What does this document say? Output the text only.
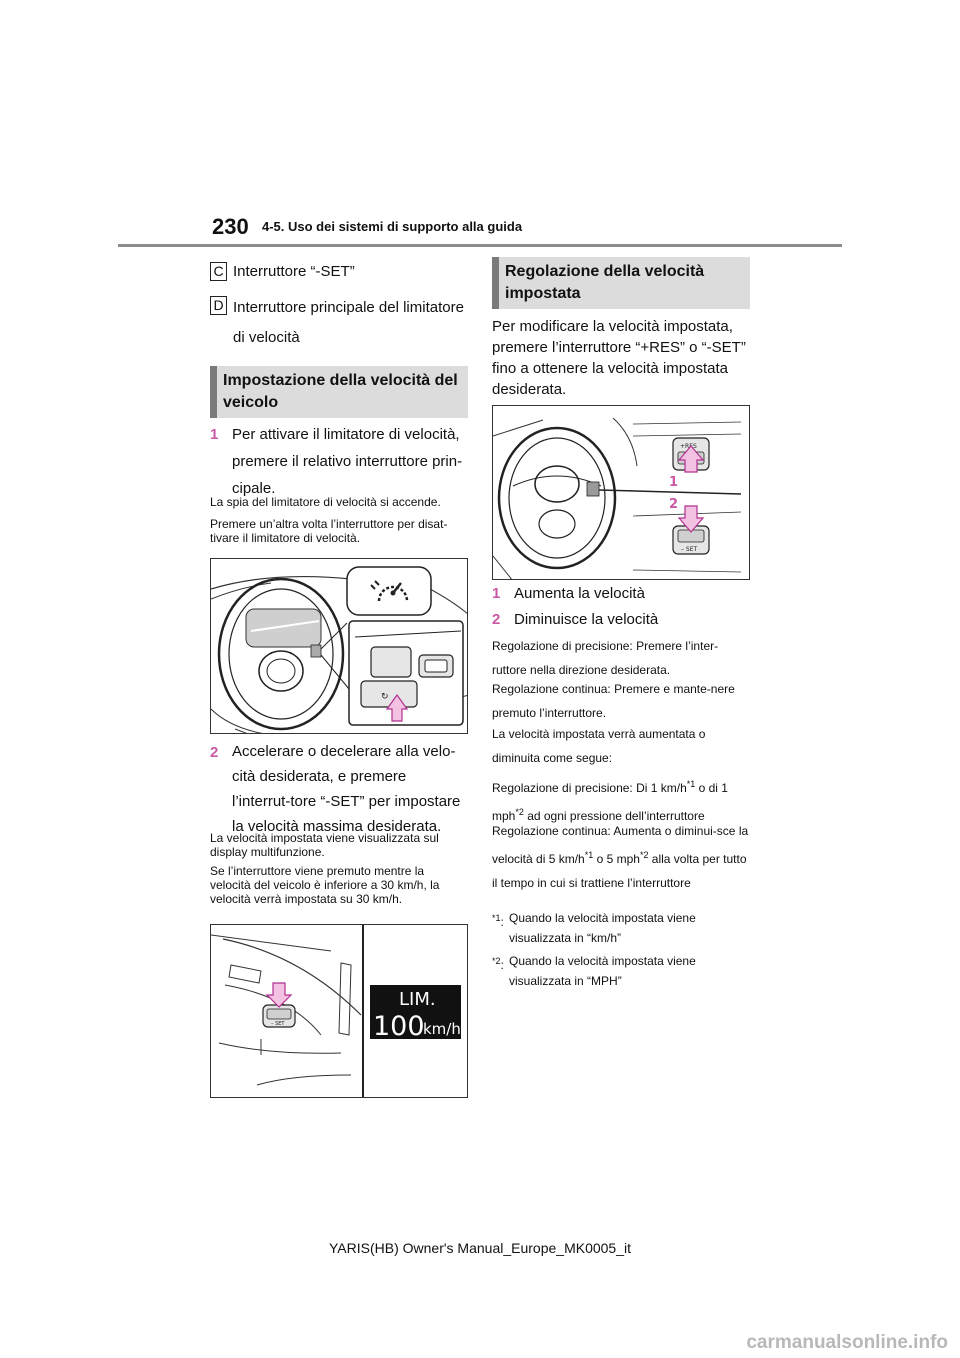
230 4-5. Uso dei sistemi di supporto alla guida
C Interruttore “-SET”
D Interruttore principale del limitatore di velocità
Impostazione della velocità del veicolo
1 Per attivare il limitatore di velocità, premere il relativo interruttore prin-cipale.
La spia del limitatore di velocità si accende.
Premere un’altra volta l’interruttore per disat-tivare il limitatore di velocità.
↻
2 Accelerare o decelerare alla velo-cità desiderata, e premere l’interrut-tore “-SET” per impostare la velocità massima desiderata.
La velocità impostata viene visualizzata sul display multifunzione.
Se l’interruttore viene premuto mentre la velocità del veicolo è inferiore a 30 km/h, la velocità verrà impostata su 30 km/h.
– SET
LIM.
100
km/h
Regolazione della velocità impostata
Per modificare la velocità impostata, premere l’interruttore “+RES” o “-SET” fino a ottenere la velocità impostata desiderata.
+RES
1
2
– SET
1 Aumenta la velocità
2 Diminuisce la velocità
Regolazione di precisione: Premere l’inter-ruttore nella direzione desiderata.
Regolazione continua: Premere e mante-nere premuto l’interruttore.
La velocità impostata verrà aumentata o diminuita come segue:
Regolazione di precisione: Di 1 $km/h^{*1}$ o di 1 mph$^{*2}$ ad ogni pressione dell’interruttore
Regolazione continua: Aumenta o diminui-sce la velocità di 5 $km/h^{*1}$ o 5 mph$^{*2}$ alla volta per tutto il tempo in cui si trattiene l’interruttore
$^{*1}$: Quando la velocità impostata viene visualizzata in “km/h”
$^{*2}$: Quando la velocità impostata viene visualizzata in “MPH”
YARIS(HB) Owner's Manual_Europe_MK0005_it
carmanualsonline.info
